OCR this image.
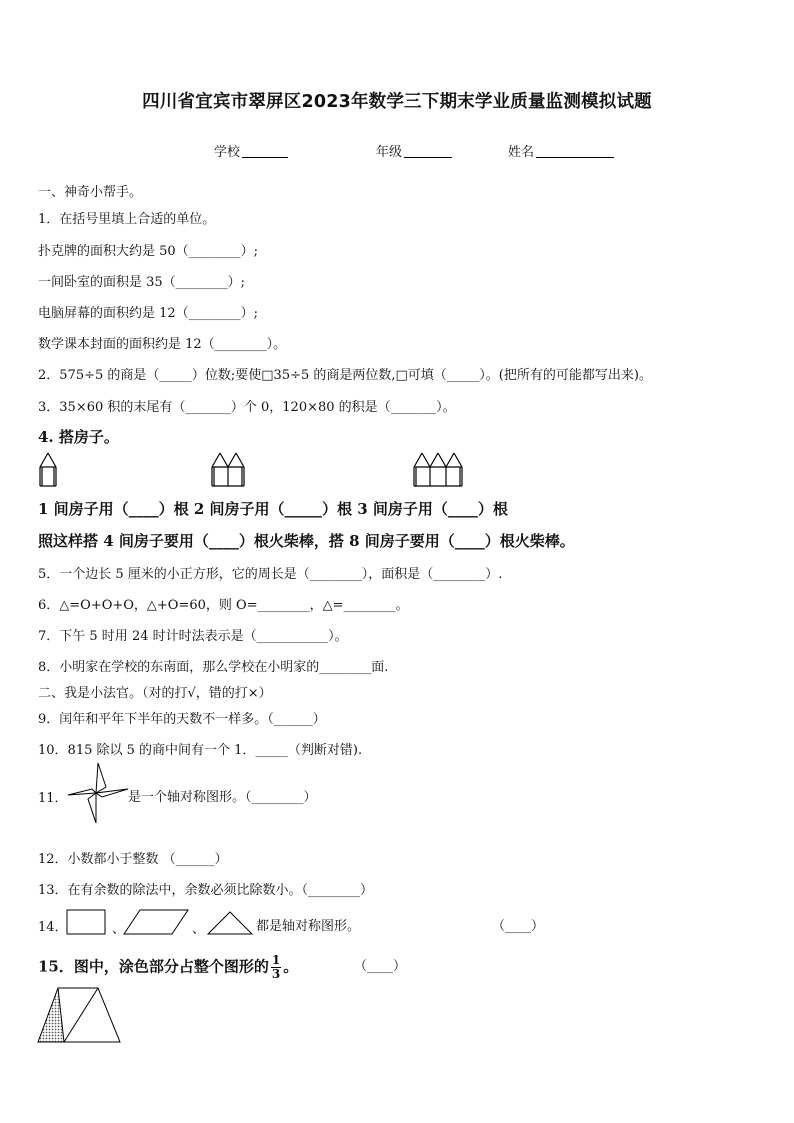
四川省宜宾市翠屏区2023年数学三下期末学业质量监测模拟试题
学校	年级	姓名
一、神奇小帮手。
1．在括号里填上合适的单位。
扑克牌的面积大约是 50（________）;
一间卧室的面积是 35（________）;
电脑屏幕的面积约是 12（________）;
数学课本封面的面积约是 12（________）。
2．575÷5 的商是（_____）位数;要使□35÷5 的商是两位数,□可填（_____）。(把所有的可能都写出来)。
3．35×60 积的末尾有（_______）个 0，120×80 的积是（_______）。
4. 搭房子。
1 间房子用（____）根 2 间房子用（_____）根 3 间房子用（____）根
照这样搭 4 间房子要用（____）根火柴棒，搭 8 间房子要用（____）根火柴棒。
5．一个边长 5 厘米的小正方形，它的周长是（________），面积是（________）.
6．△=O+O+O，△+O=60，则 O=________，△=________。
7．下午 5 时用 24 时计时法表示是（___________）。
8．小明家在学校的东南面，那么学校在小明家的________面.
二、我是小法官。（对的打√，错的打×）
9．闰年和平年下半年的天数不一样多。（______）
10．815 除以 5 的商中间有一个 1．_____（判断对错).
11．	是一个轴对称图形。（________）
12．小数都小于整数 （______）
13．在有余数的除法中，余数必须比除数小。（________）
14．	、	、	都是轴对称图形。	（____）
15．图中，涂色部分占整个图形的 $\frac{1}{3}$ 。	（____）
